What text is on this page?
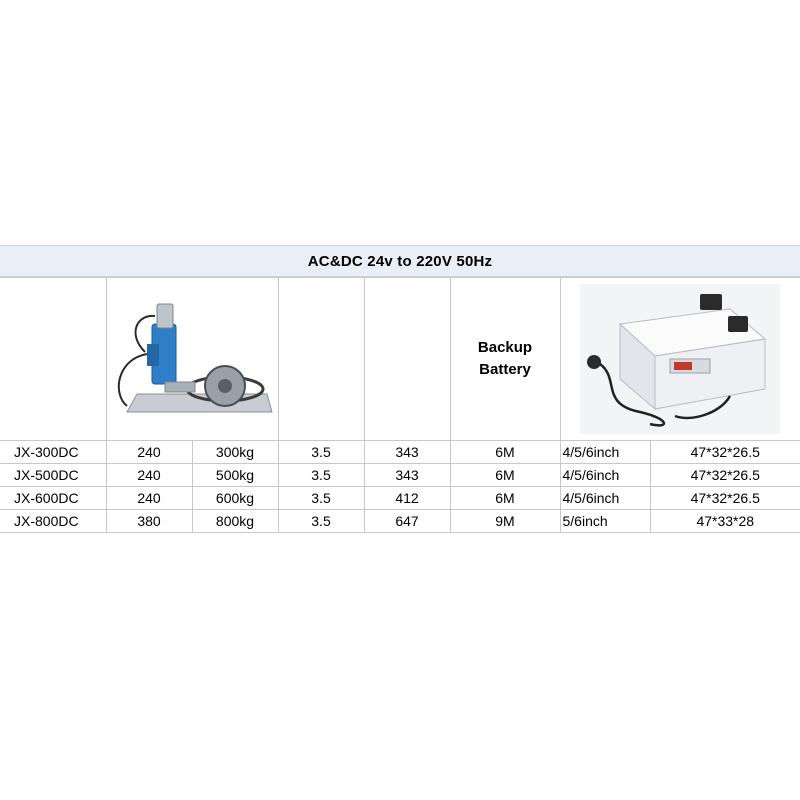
AC&DC 24v to 220V 50Hz

Backup
Battery

JX-300DC	240	300kg	3.5	343	6M	4/5/6inch	47*32*26.5
JX-500DC	240	500kg	3.5	343	6M	4/5/6inch	47*32*26.5
JX-600DC	240	600kg	3.5	412	6M	4/5/6inch	47*32*26.5
JX-800DC	380	800kg	3.5	647	9M	5/6inch	47*33*28
